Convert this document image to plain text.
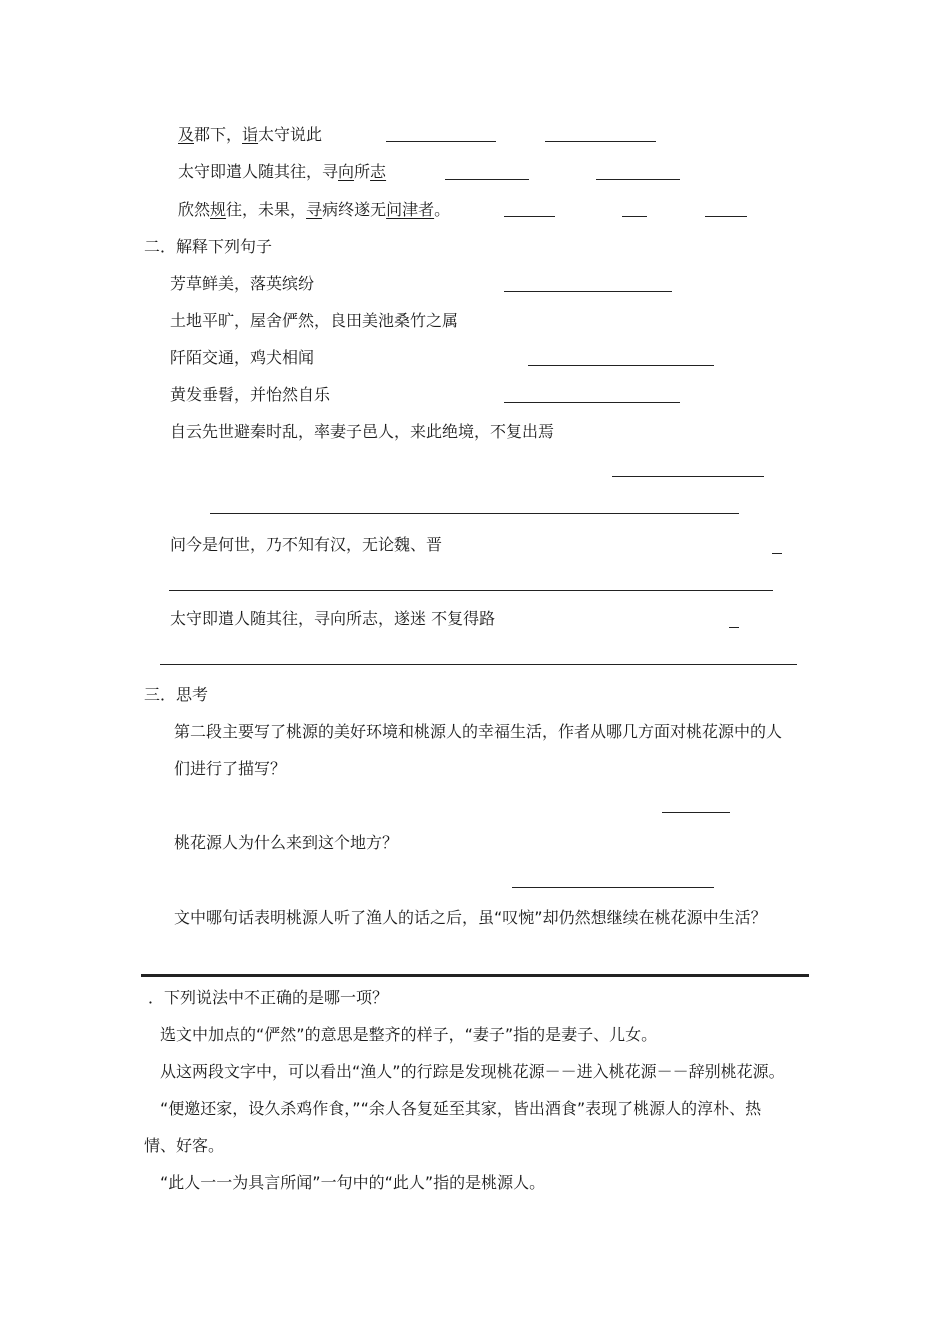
及郡下，诣太守说此
太守即遣人随其往，寻向所志
欣然规往，未果，寻病终遂无问津者。
二．解释下列句子
芳草鲜美，落英缤纷
土地平旷，屋舍俨然，良田美池桑竹之属
阡陌交通，鸡犬相闻
黄发垂髫，并怡然自乐
自云先世避秦时乱，率妻子邑人，来此绝境，不复出焉
问今是何世，乃不知有汉，无论魏、晋
太守即遣人随其往，寻向所志，遂迷 不复得路
三．思考
第二段主要写了桃源的美好环境和桃源人的幸福生活，作者从哪几方面对桃花源中的人
们进行了描写？
桃花源人为什么来到这个地方？
文中哪句话表明桃源人听了渔人的话之后，虽“叹惋”却仍然想继续在桃花源中生活？
．下列说法中不正确的是哪一项？
选文中加点的“俨然”的意思是整齐的样子，“妻子”指的是妻子、儿女。
从这两段文字中，可以看出“渔人”的行踪是发现桃花源－－进入桃花源－－辞别桃花源。
“便邀还家，设久杀鸡作食，”“余人各复延至其家，皆出酒食”表现了桃源人的淳朴、热
情、好客。
“此人一一为具言所闻”一句中的“此人”指的是桃源人。
